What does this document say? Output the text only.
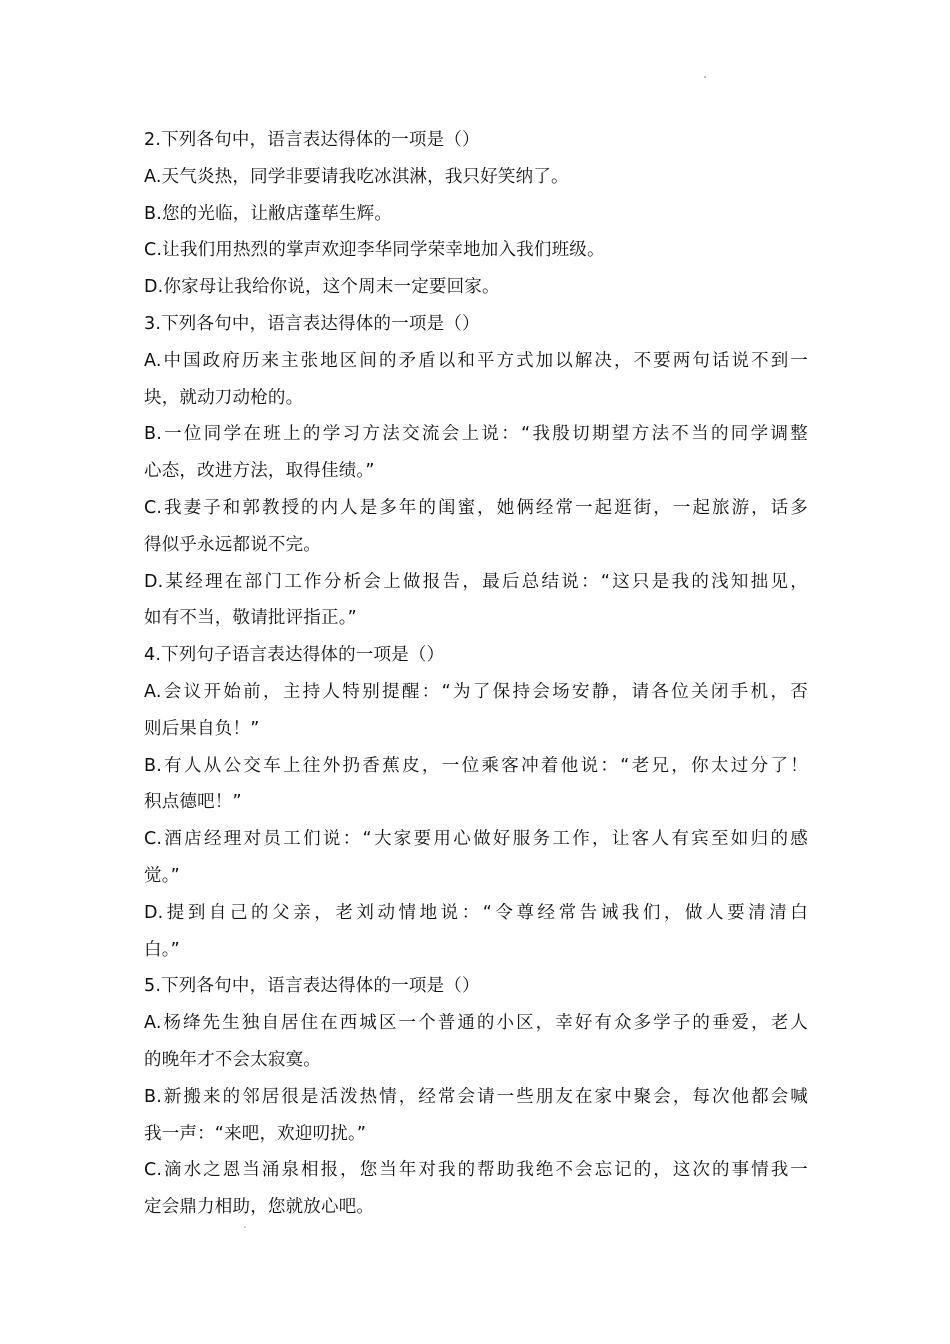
2.下列各句中，语言表达得体的一项是（）
A.天气炎热，同学非要请我吃冰淇淋，我只好笑纳了。
B.您的光临，让敝店蓬荜生辉。
C.让我们用热烈的掌声欢迎李华同学荣幸地加入我们班级。
D.你家母让我给你说，这个周末一定要回家。
3.下列各句中，语言表达得体的一项是（）
A.中国政府历来主张地区间的矛盾以和平方式加以解决，不要两句话说不到一
块，就动刀动枪的。
B.一位同学在班上的学习方法交流会上说：“我殷切期望方法不当的同学调整
心态，改进方法，取得佳绩。”
C.我妻子和郭教授的内人是多年的闺蜜，她俩经常一起逛街，一起旅游，话多
得似乎永远都说不完。
D.某经理在部门工作分析会上做报告，最后总结说：“这只是我的浅知拙见，
如有不当，敬请批评指正。”
4.下列句子语言表达得体的一项是（）
A.会议开始前，主持人特别提醒：“为了保持会场安静，请各位关闭手机，否
则后果自负！”
B.有人从公交车上往外扔香蕉皮，一位乘客冲着他说：“老兄，你太过分了！
积点德吧！”
C.酒店经理对员工们说：“大家要用心做好服务工作，让客人有宾至如归的感
觉。”
D.提到自己的父亲，老刘动情地说：“令尊经常告诫我们，做人要清清白
白。”
5.下列各句中，语言表达得体的一项是（）
A.杨绛先生独自居住在西城区一个普通的小区，幸好有众多学子的垂爱，老人
的晚年才不会太寂寞。
B.新搬来的邻居很是活泼热情，经常会请一些朋友在家中聚会，每次他都会喊
我一声：“来吧，欢迎叨扰。”
C.滴水之恩当涌泉相报，您当年对我的帮助我绝不会忘记的，这次的事情我一
定会鼎力相助，您就放心吧。
